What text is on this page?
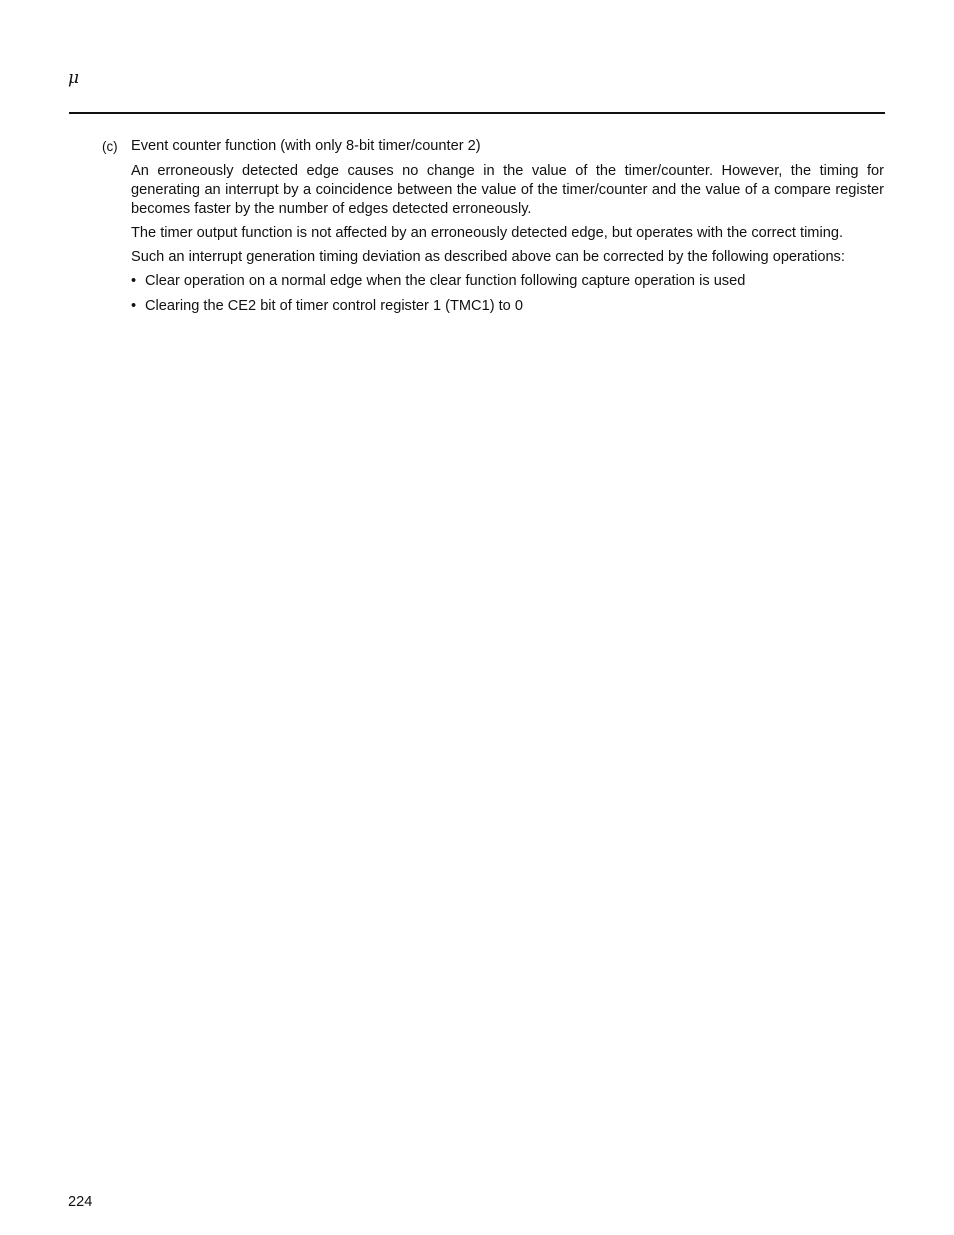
μ
(c) Event counter function (with only 8-bit timer/counter 2)

An erroneously detected edge causes no change in the value of the timer/counter. However, the timing for generating an interrupt by a coincidence between the value of the timer/counter and the value of a compare register becomes faster by the number of edges detected erroneously.

The timer output function is not affected by an erroneously detected edge, but operates with the correct timing.

Such an interrupt generation timing deviation as described above can be corrected by the following operations:

• Clear operation on a normal edge when the clear function following capture operation is used
• Clearing the CE2 bit of timer control register 1 (TMC1) to 0
224
